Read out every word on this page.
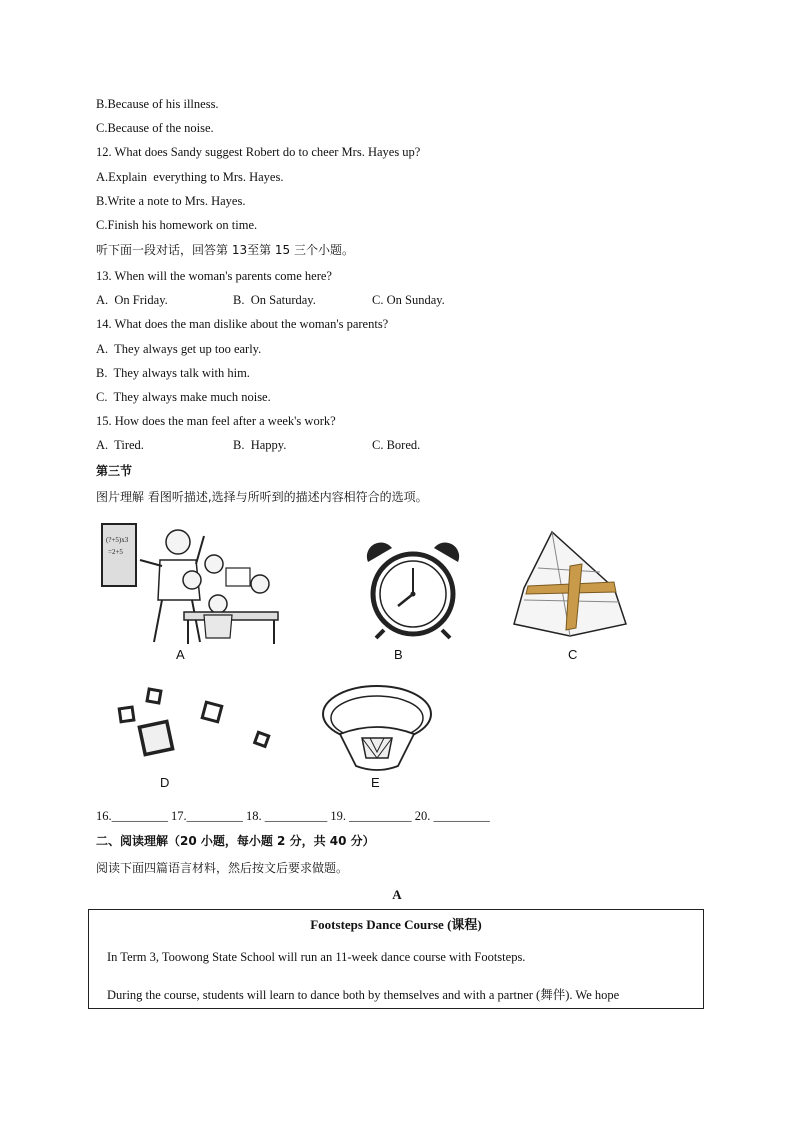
B.Because of his illness.
C.Because of the noise.
12. What does Sandy suggest Robert do to cheer Mrs. Hayes up?
A.Explain  everything to Mrs. Hayes.
B.Write a note to Mrs. Hayes.
C.Finish his homework on time.
听下面一段对话，回答第 13至第 15 三个小题。
13. When will the woman's parents come here?
A.  On Friday.	B.  On Saturday.	C. On Sunday.
14. What does the man dislike about the woman's parents?
A.  They always get up too early.
B.  They always talk with him.
C.  They always make much noise.
15. How does the man feel after a week's work?
A.  Tired.	B.  Happy.	C. Bored.
第三节
图片理解 看图听描述,选择与所听到的描述内容相符合的选项。
(?+5)x3
=2+5
A	B	C
D	E
16._________ 17._________ 18. __________ 19. __________ 20. _________
二、阅读理解（20 小题，每小题 2 分，共 40 分）
阅读下面四篇语言材料，然后按文后要求做题。
A
Footsteps Dance Course (课程)
In Term 3, Toowong State School will run an 11-week dance course with Footsteps.
During the course, students will learn to dance both by themselves and with a partner (舞伴). We hope
